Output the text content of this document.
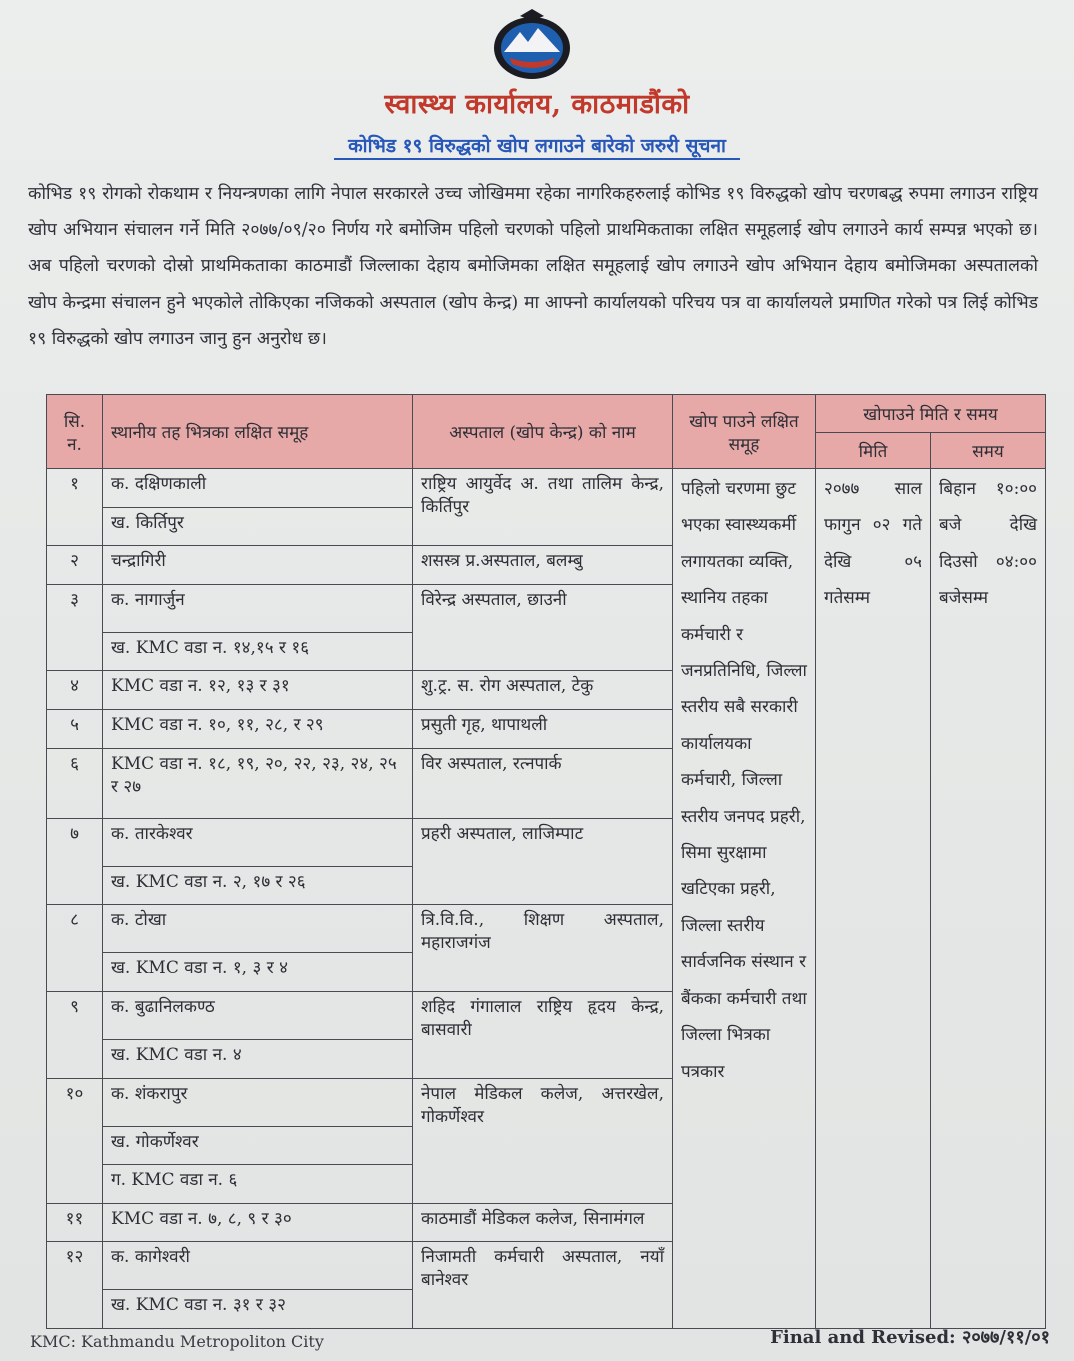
स्वास्थ्य कार्यालय, काठमाडौंको
कोभिड १९ विरुद्धको खोप लगाउने बारेको जरुरी सूचना

कोभिड १९ रोगको रोकथाम र नियन्त्रणका लागि नेपाल सरकारले उच्च जोखिममा रहेका नागरिकहरुलाई कोभिड १९ विरुद्धको खोप चरणबद्ध रुपमा लगाउन राष्ट्रिय खोप अभियान संचालन गर्ने मिति २०७७/०९/२० निर्णय गरे बमोजिम पहिलो चरणको पहिलो प्राथमिकताका लक्षित समूहलाई खोप लगाउने कार्य सम्पन्न भएको छ। अब पहिलो चरणको दोस्रो प्राथमिकताका काठमाडौं जिल्लाका देहाय बमोजिमका लक्षित समूहलाई खोप लगाउने खोप अभियान देहाय बमोजिमका अस्पतालको खोप केन्द्रमा संचालन हुने भएकोले तोकिएका नजिकको अस्पताल (खोप केन्द्र) मा आफ्नो कार्यालयको परिचय पत्र वा कार्यालयले प्रमाणित गरेको पत्र लिई कोभिड १९ विरुद्धको खोप लगाउन जानु हुन अनुरोध छ।

सि. न.	स्थानीय तह भित्रका लक्षित समूह	अस्पताल (खोप केन्द्र) को नाम	खोप पाउने लक्षित समूह	खोपाउने मिति र समय	
				मिति	समय
१	क. दक्षिणकाली	राष्ट्रिय आयुर्वेद अ. तथा तालिम केन्द्र, किर्तिपुर	पहिलो चरणमा छुट भएका स्वास्थ्यकर्मी लगायतका व्यक्ति, स्थानिय तहका कर्मचारी र जनप्रतिनिधि, जिल्ला स्तरीय सबै सरकारी कार्यालयका कर्मचारी, जिल्ला स्तरीय जनपद प्रहरी, सिमा सुरक्षामा खटिएका प्रहरी, जिल्ला स्तरीय सार्वजनिक संस्थान र बैंकका कर्मचारी तथा जिल्ला भित्रका पत्रकार	२०७७ साल फागुन ०२ गते देखि ०५ गतेसम्म	बिहान १०:०० बजे देखि दिउसो ०४:०० बजेसम्म
	ख. किर्तिपुर				
२	चन्द्रागिरी	शसस्त्र प्र.अस्पताल, बलम्बु			
३	क. नागार्जुन	विरेन्द्र अस्पताल, छाउनी			
	ख. KMC वडा न. १४,१५ र १६				
४	KMC वडा न. १२, १३ र ३१	शु.ट्र. स. रोग अस्पताल, टेकु			
५	KMC वडा न. १०, ११, २८, र २९	प्रसुती गृह, थापाथली			
६	KMC वडा न. १८, १९, २०, २२, २३, २४, २५ र २७	विर अस्पताल, रत्नपार्क			
७	क. तारकेश्वर	प्रहरी अस्पताल, लाजिम्पाट			
	ख. KMC वडा न. २, १७ र २६				
८	क. टोखा	त्रि.वि.वि., शिक्षण अस्पताल, महाराजगंज			
	ख. KMC वडा न. १, ३ र ४				
९	क. बुढानिलकण्ठ	शहिद गंगालाल राष्ट्रिय हृदय केन्द्र, बासवारी			
	ख. KMC वडा न. ४				
१०	क. शंकरापुर	नेपाल मेडिकल कलेज, अत्तरखेल, गोकर्णेश्वर			
	ख. गोकर्णेश्वर				
	ग. KMC वडा न. ६				
११	KMC वडा न. ७, ८, ९ र ३०	काठमाडौं मेडिकल कलेज, सिनामंगल			
१२	क. कागेश्वरी	निजामती कर्मचारी अस्पताल, नयाँ बानेश्वर			
	ख. KMC वडा न. ३१ र ३२				
KMC: Kathmandu Metropoliton City	Final and Revised: २०७७/११/०१
